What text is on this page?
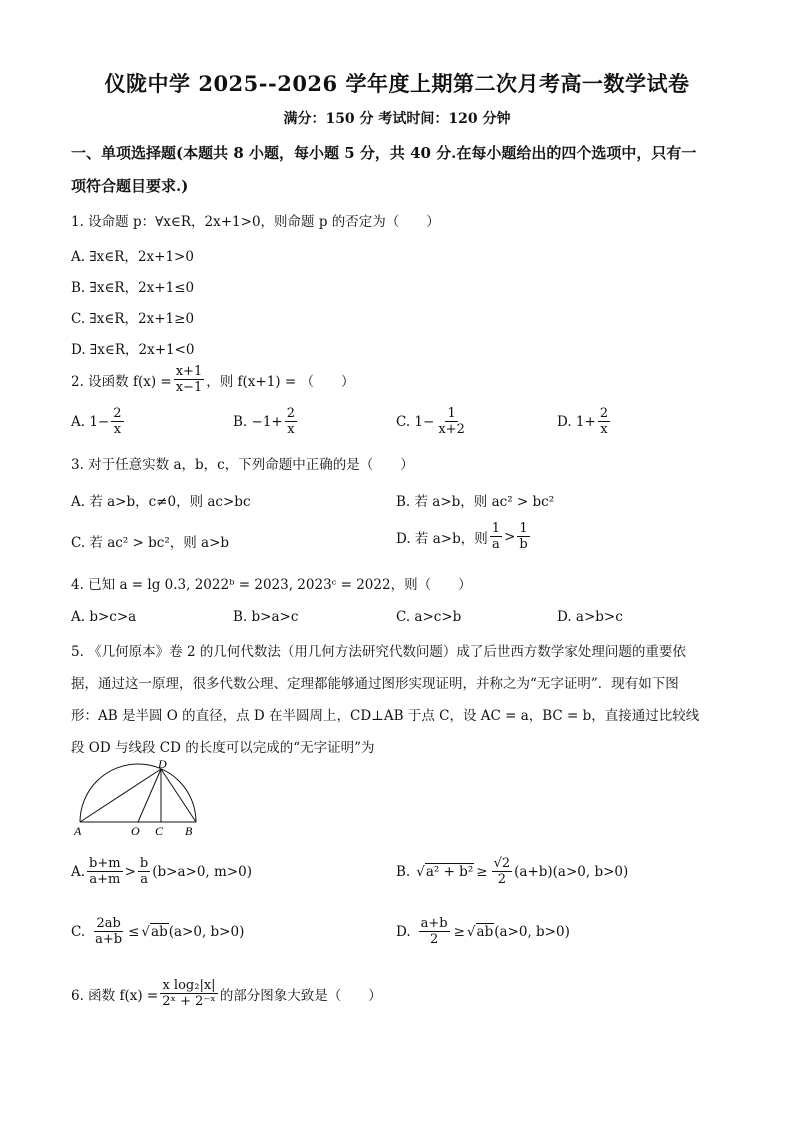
仪陇中学 2025--2026 学年度上期第二次月考高一数学试卷
满分：150 分 考试时间：120 分钟
一、单项选择题(本题共 8 小题，每小题 5 分，共 40 分.在每小题给出的四个选项中，只有一
项符合题目要求.)
1. 设命题 p：∀x∈R，2x+1>0，则命题 p 的否定为（　　）
A. ∃x∈R，2x+1>0
B. ∃x∈R，2x+1≤0
C. ∃x∈R，2x+1≥0
D. ∃x∈R，2x+1<0
2. 设函数 $f(x) = \frac{x+1}{x-1}$ ，则 f(x+1) = （　　）
A. $1- \frac{2}{x}$	B. $-1+ \frac{2}{x}$	C. $1- \frac{1}{x+2}$	D. $1+ \frac{2}{x}$
3. 对于任意实数 a，b，c，下列命题中正确的是（　　）
A. 若 a>b，c≠0，则 ac>bc	B. 若 a>b，则 ac² > bc²
C. 若 ac² > bc²，则 a>b	D. 若 a>b，则 $\frac{1}{a} > \frac{1}{b}$
4. 已知 a = lg 0.3, 2022ᵇ = 2023, 2023ᶜ = 2022，则（　　）
A. b>c>a	B. b>a>c	C. a>c>b	D. a>b>c
5. 《几何原本》卷 2 的几何代数法（用几何方法研究代数问题）成了后世西方数学家处理问题的重要依
据，通过这一原理，很多代数公理、定理都能够通过图形实现证明，并称之为“无字证明”．现有如下图
形：AB 是半圆 O 的直径，点 D 在半圆周上，CD⊥AB 于点 C，设 AC = a，BC = b，直接通过比较线
段 OD 与线段 CD 的长度可以完成的“无字证明”为
A	O C B
D
A. $\frac{b+m}{a+m} > \frac{b}{a} (b>a>0$, m>0)	B. √ $a^2 + b^2 \ge \frac{√2}{2} (a+b)(a>0$, b>0)
C. $\frac{2ab}{a+b}$ ≤ √ ab (a>0, b>0)	D. $\frac{a+b}{2}$ ≥ √ ab (a>0, b>0)
6. 函数 $f(x) = \frac{\text{x log₂|x|}}{\text{2ˣ + 2⁻ˣ}}$ 的部分图象大致是（　　）
